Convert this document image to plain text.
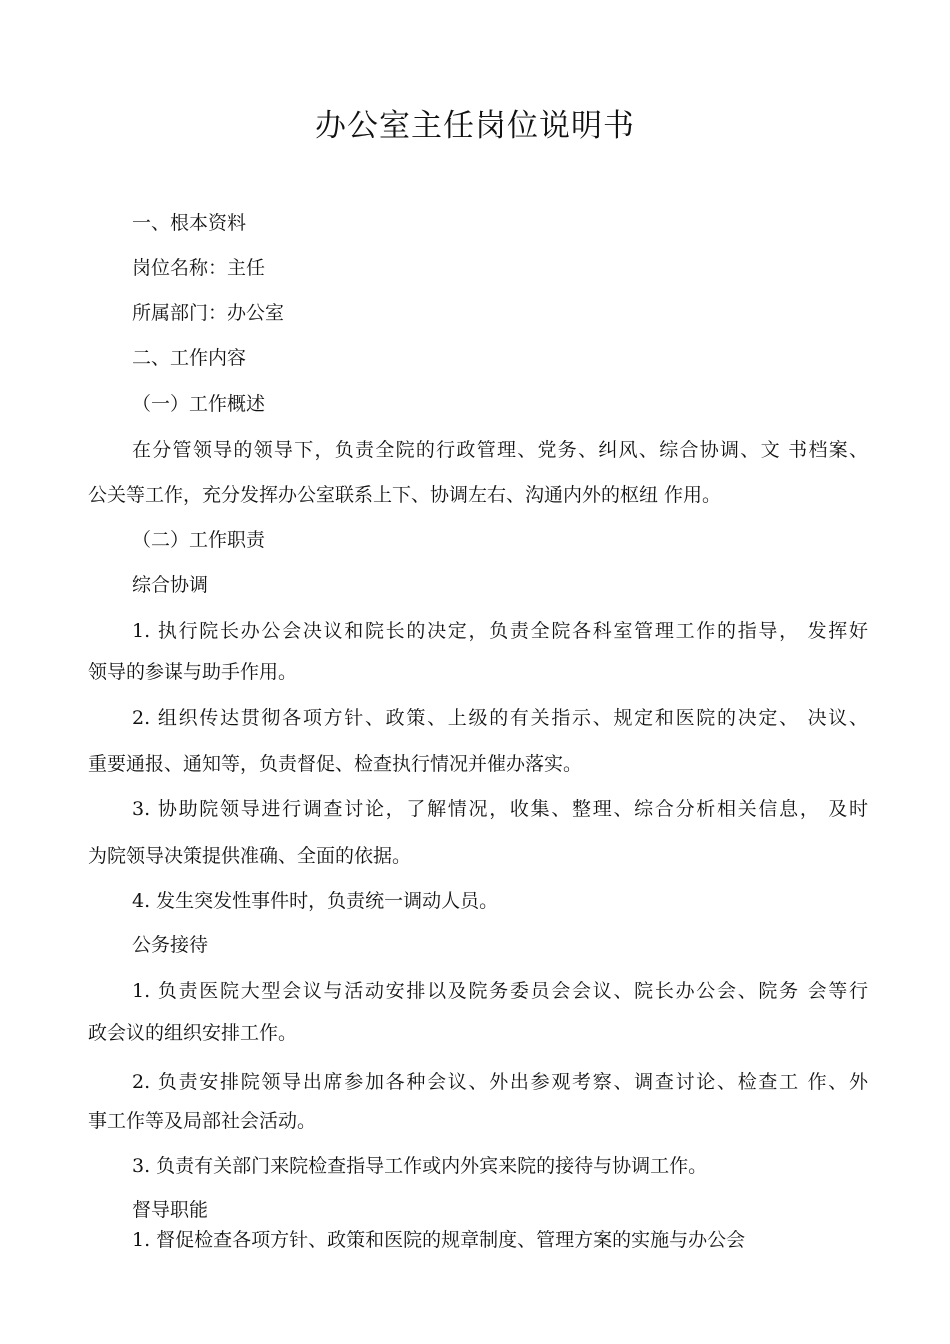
办公室主任岗位说明书

一、根本资料

岗位名称：主任

所属部门：办公室

二、工作内容

（一）工作概述

在分管领导的领导下，负责全院的行政管理、党务、纠风、综合协调、文 书档案、

公关等工作，充分发挥办公室联系上下、协调左右、沟通内外的枢纽 作用。

（二）工作职责

综合协调

1. 执行院长办公会决议和院长的决定，负责全院各科室管理工作的指导， 发挥好

领导的参谋与助手作用。

2. 组织传达贯彻各项方针、政策、上级的有关指示、规定和医院的决定、 决议、

重要通报、通知等，负责督促、检查执行情况并催办落实。

3. 协助院领导进行调查讨论，了解情况，收集、整理、综合分析相关信息， 及时

为院领导决策提供准确、全面的依据。

4. 发生突发性事件时，负责统一调动人员。

公务接待

1. 负责医院大型会议与活动安排以及院务委员会会议、院长办公会、院务 会等行

政会议的组织安排工作。

2. 负责安排院领导出席参加各种会议、外出参观考察、调查讨论、检查工 作、外

事工作等及局部社会活动。

3. 负责有关部门来院检查指导工作或内外宾来院的接待与协调工作。

督导职能

1. 督促检查各项方针、政策和医院的规章制度、管理方案的实施与办公会
